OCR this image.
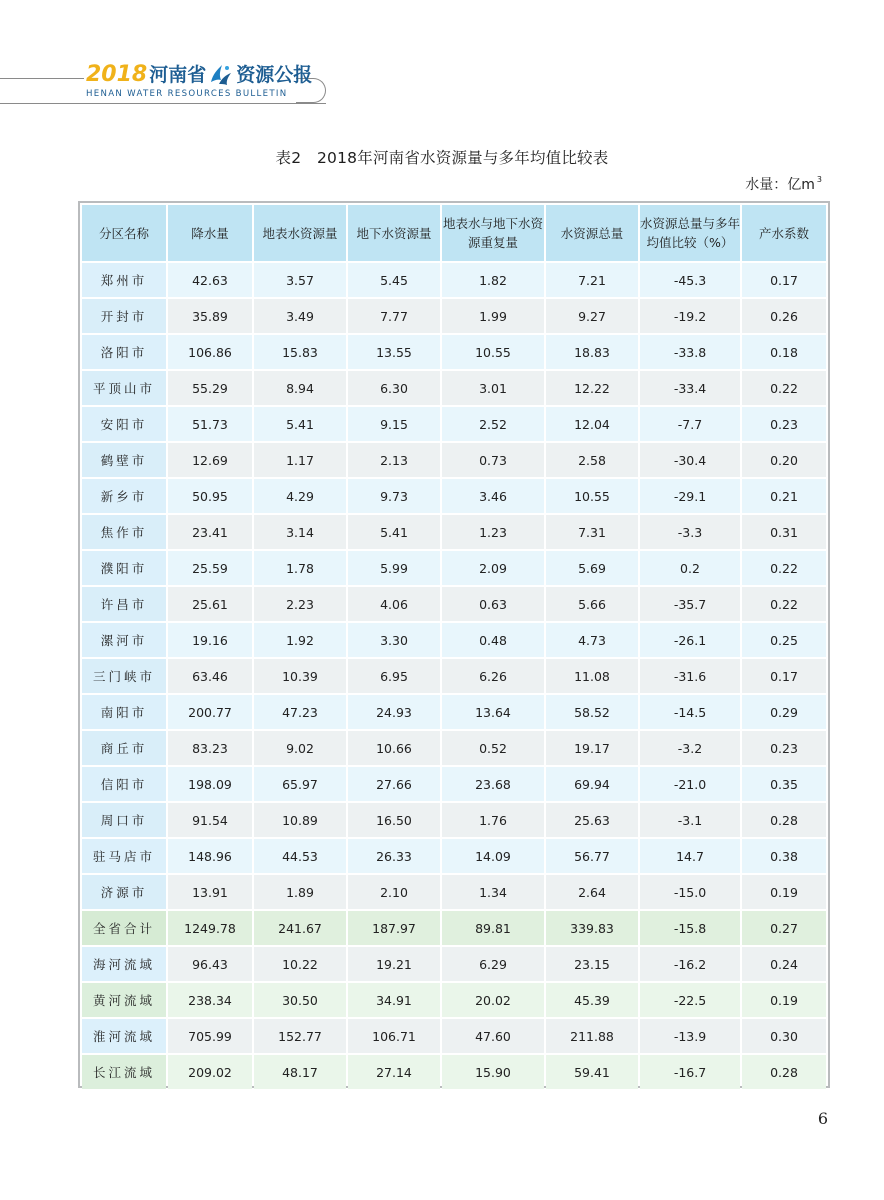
2018 河南省 资源公报
HENAN WATER RESOURCES BULLETIN
表2　2018年河南省水资源量与多年均值比较表
水量：亿m $^3$
分区名称	降水量	地表水资源量	地下水资源量	地表水与地下水资源重复量	水资源总量	水资源总量与多年均值比较（%）	产水系数
郑州市	42.63	3.57	5.45	1.82	7.21	-45.3	0.17
开封市	35.89	3.49	7.77	1.99	9.27	-19.2	0.26
洛阳市	106.86	15.83	13.55	10.55	18.83	-33.8	0.18
平顶山市	55.29	8.94	6.30	3.01	12.22	-33.4	0.22
安阳市	51.73	5.41	9.15	2.52	12.04	-7.7	0.23
鹤壁市	12.69	1.17	2.13	0.73	2.58	-30.4	0.20
新乡市	50.95	4.29	9.73	3.46	10.55	-29.1	0.21
焦作市	23.41	3.14	5.41	1.23	7.31	-3.3	0.31
濮阳市	25.59	1.78	5.99	2.09	5.69	0.2	0.22
许昌市	25.61	2.23	4.06	0.63	5.66	-35.7	0.22
漯河市	19.16	1.92	3.30	0.48	4.73	-26.1	0.25
三门峡市	63.46	10.39	6.95	6.26	11.08	-31.6	0.17
南阳市	200.77	47.23	24.93	13.64	58.52	-14.5	0.29
商丘市	83.23	9.02	10.66	0.52	19.17	-3.2	0.23
信阳市	198.09	65.97	27.66	23.68	69.94	-21.0	0.35
周口市	91.54	10.89	16.50	1.76	25.63	-3.1	0.28
驻马店市	148.96	44.53	26.33	14.09	56.77	14.7	0.38
济源市	13.91	1.89	2.10	1.34	2.64	-15.0	0.19
全省合计	1249.78	241.67	187.97	89.81	339.83	-15.8	0.27
海河流域	96.43	10.22	19.21	6.29	23.15	-16.2	0.24
黄河流域	238.34	30.50	34.91	20.02	45.39	-22.5	0.19
淮河流域	705.99	152.77	106.71	47.60	211.88	-13.9	0.30
长江流域	209.02	48.17	27.14	15.90	59.41	-16.7	0.28
6
